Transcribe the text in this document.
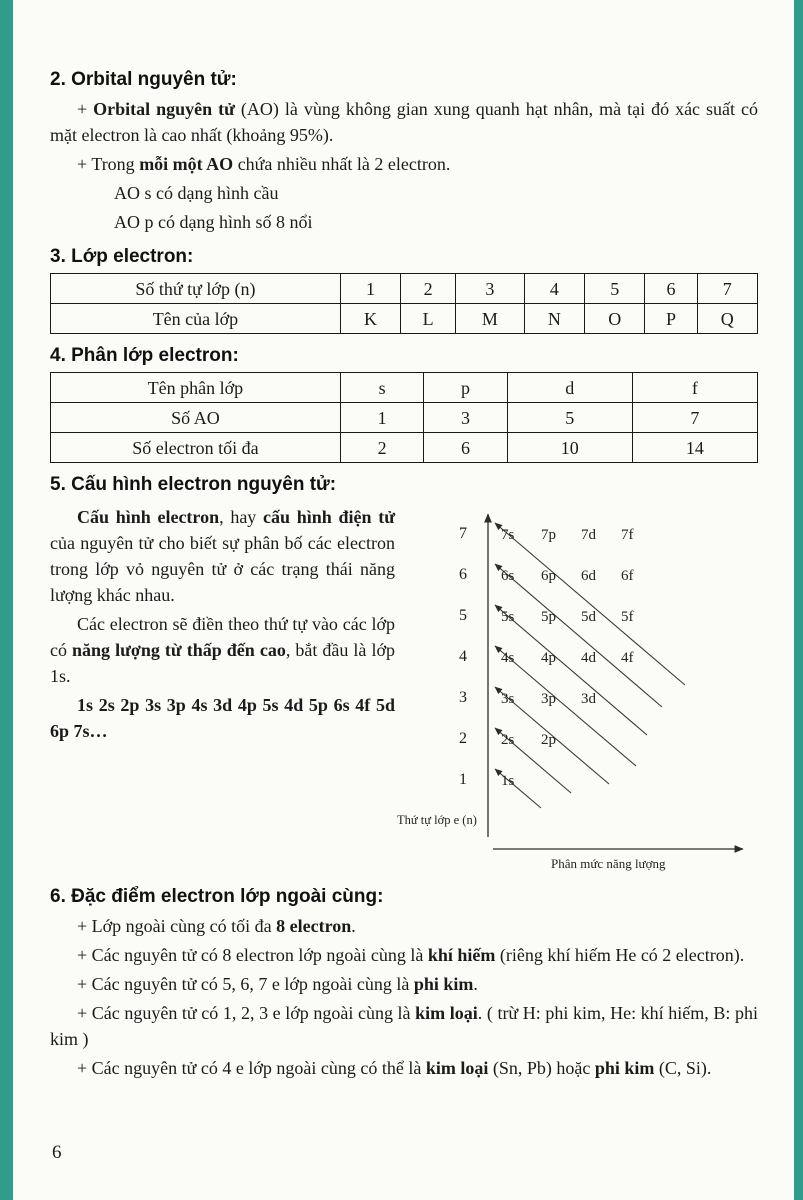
2. Orbital nguyên tử:

+ Orbital nguyên tử (AO) là vùng không gian xung quanh hạt nhân, mà tại đó xác suất có mặt electron là cao nhất (khoảng 95%).

+ Trong mỗi một AO chứa nhiều nhất là 2 electron.

AO s có dạng hình cầu

AO p có dạng hình số 8 nổi

3. Lớp electron:
Số thứ tự lớp (n)	1	2	3	4	5	6	7
Tên của lớp	K	L	M	N	O	P	Q
4. Phân lớp electron:
Tên phân lớp	s	p	d	f
Số AO	1	3	5	7
Số electron tối đa	2	6	10	14
5. Cấu hình electron nguyên tử:

Cấu hình electron, hay cấu hình điện tử của nguyên tử cho biết sự phân bố các electron trong lớp vỏ nguyên tử ở các trạng thái năng lượng khác nhau.

Các electron sẽ điền theo thứ tự vào các lớp có năng lượng từ thấp đến cao, bắt đầu là lớp 1s.

1s 2s 2p 3s 3p 4s 3d 4p 5s 4d 5p 6s 4f 5d 6p 7s…

7 7s 7p 7d 7f
6 6s 6p 6d 6f
5 5s 5p 5d 5f
4 4s 4p 4d 4f
3 3s 3p 3d
2 2s 2p
1 1s
Thứ tự lớp e (n)
Phân mức năng lượng
6. Đặc điểm electron lớp ngoài cùng:

+ Lớp ngoài cùng có tối đa 8 electron.

+ Các nguyên tử có 8 electron lớp ngoài cùng là khí hiếm (riêng khí hiếm He có 2 electron).

+ Các nguyên tử có 5, 6, 7 e lớp ngoài cùng là phi kim.

+ Các nguyên tử có 1, 2, 3 e lớp ngoài cùng là kim loại. ( trừ H: phi kim, He: khí hiếm, B: phi kim )

+ Các nguyên tử có 4 e lớp ngoài cùng có thể là kim loại (Sn, Pb) hoặc phi kim (C, Si).

6
